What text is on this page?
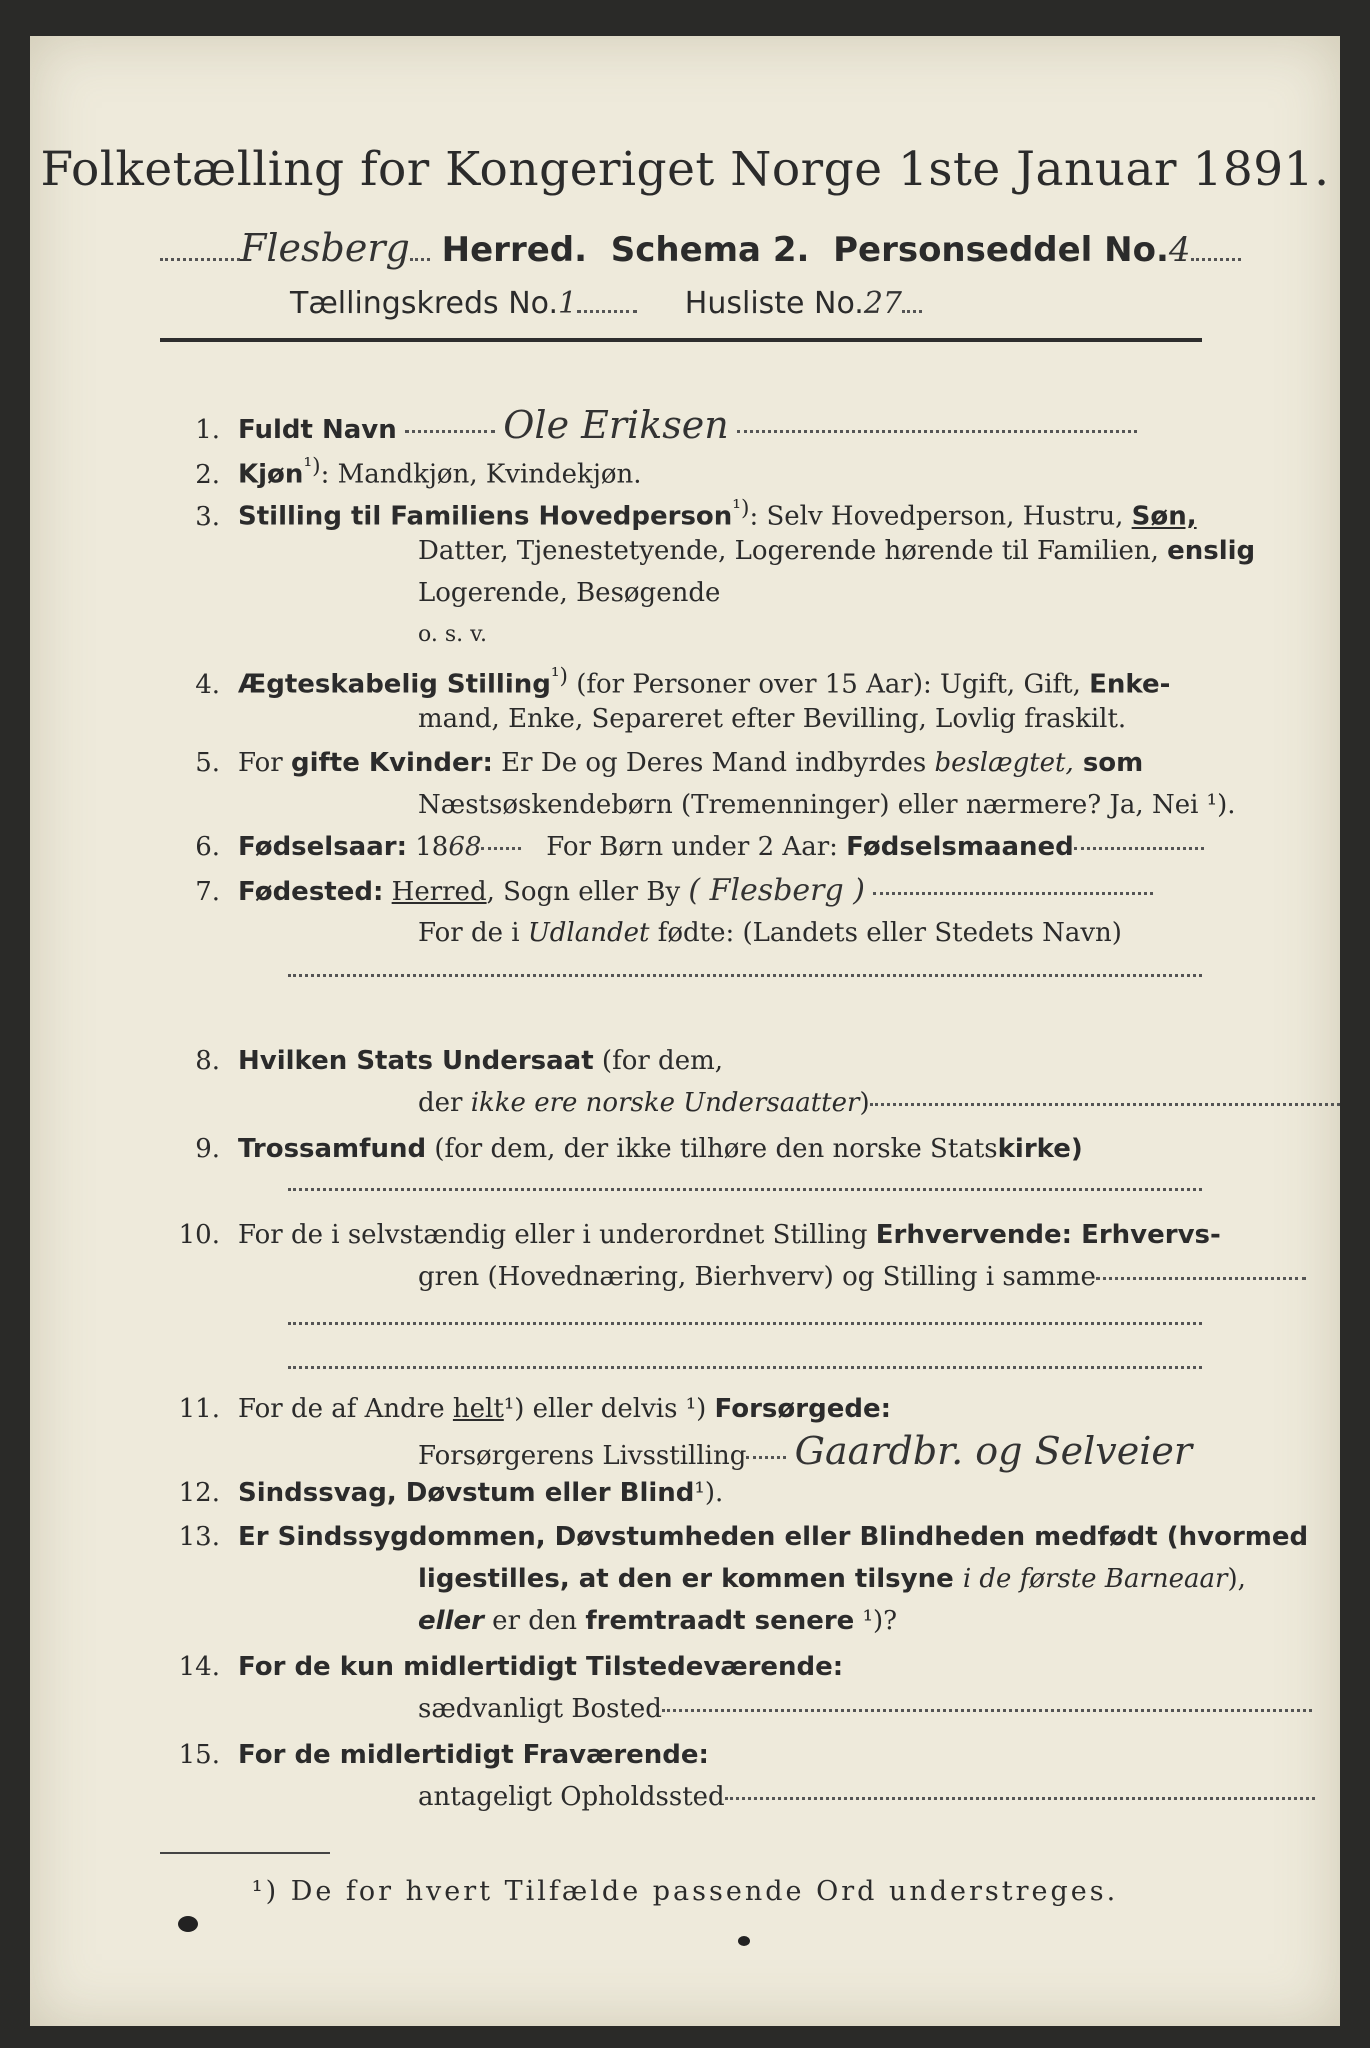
Folketælling for Kongeriget Norge 1ste Januar 1891.
Flesberg Herred. Schema 2. Personseddel No.4
Tællingskreds No.1	Husliste No.27
1. Fuldt Navn	Ole Eriksen
2. Kjøn$^{^1)}$: Mandkjøn, Kvindekjøn.
3. Stilling til Familiens Hovedperson$^{^1)}$: Selv Hovedperson, Hustru, Søn,
Datter, Tjenestetyende, Logerende hørende til Familien, enslig
Logerende, Besøgende
o. s. v.
4. Ægteskabelig Stilling$^{^1)}$ (for Personer over 15 Aar): Ugift, Gift, Enke-
mand, Enke, Separeret efter Bevilling, Lovlig fraskilt.
5. For gifte Kvinder: Er De og Deres Mand indbyrdes beslægtet, som
Næstsøskendebørn (Tremenninger) eller nærmere? Ja, Nei ¹).
6. Fødselsaar: 1868 For Børn under 2 Aar: Fødselsmaaned
7. Fødested: Herred, Sogn eller By ( Flesberg )
For de i Udlandet fødte: (Landets eller Stedets Navn)
8. Hvilken Stats Undersaat (for dem,
der ikke ere norske Undersaatter)
9. Trossamfund (for dem, der ikke tilhøre den norske Statskirke)
10. For de i selvstændig eller i underordnet Stilling Erhvervende: Erhvervs-
gren (Hovednæring, Bierhverv) og Stilling i samme
11. For de af Andre helt¹) eller delvis ¹) Forsørgede:
Forsørgerens Livsstilling Gaardbr. og Selveier
12. Sindssvag, Døvstum eller Blind¹).
13. Er Sindssygdommen, Døvstumheden eller Blindheden medfødt (hvormed
ligestilles, at den er kommen tilsyne i de første Barneaar),
eller er den fremtraadt senere ¹)?
14. For de kun midlertidigt Tilstedeværende:
sædvanligt Bosted
15. For de midlertidigt Fraværende:
antageligt Opholdssted
¹) De for hvert Tilfælde passende Ord understreges.
